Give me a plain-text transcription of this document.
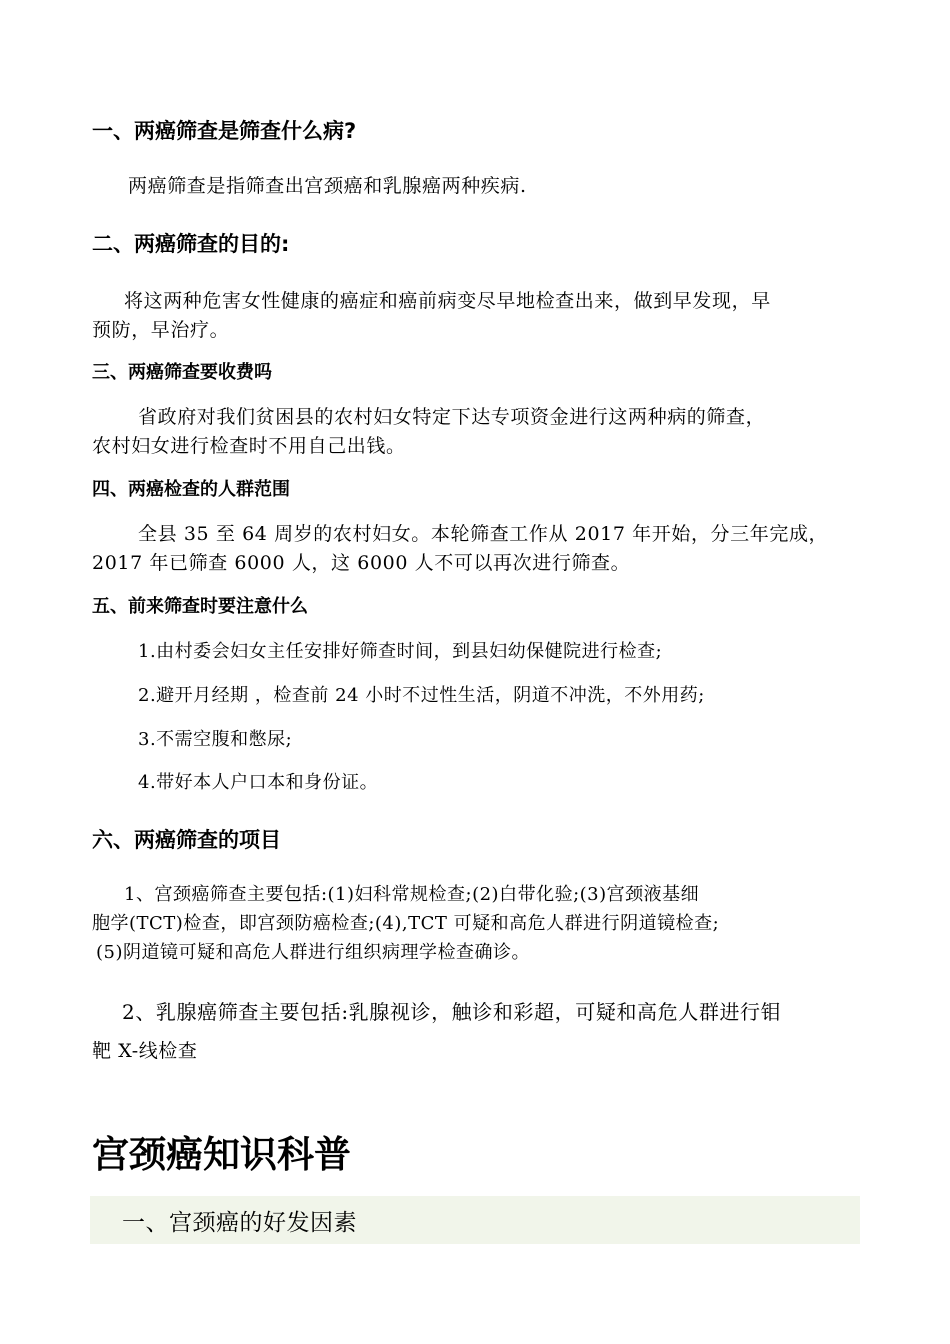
一、两癌筛查是筛查什么病?
两癌筛查是指筛查出宫颈癌和乳腺癌两种疾病.
二、两癌筛查的目的:
将这两种危害女性健康的癌症和癌前病变尽早地检查出来，做到早发现，早
预防，早治疗。
三、两癌筛查要收费吗
省政府对我们贫困县的农村妇女特定下达专项资金进行这两种病的筛查，
农村妇女进行检查时不用自己出钱。
四、两癌检查的人群范围
全县 35 至 64 周岁的农村妇女。本轮筛查工作从 2017 年开始，分三年完成，
2017 年已筛查 6000 人，这 6000 人不可以再次进行筛查。
五、前来筛查时要注意什么
1.由村委会妇女主任安排好筛查时间，到县妇幼保健院进行检查;
2.避开月经期 ，检查前 24 小时不过性生活，阴道不冲洗，不外用药;
3.不需空腹和憋尿;
4.带好本人户口本和身份证。
六、两癌筛查的项目
1、宫颈癌筛查主要包括:(1)妇科常规检查;(2)白带化验;(3)宫颈液基细
胞学(TCT)检查，即宫颈防癌检查;(4),TCT 可疑和高危人群进行阴道镜检查;
(5)阴道镜可疑和高危人群进行组织病理学检查确诊。
2、乳腺癌筛查主要包括:乳腺视诊，触诊和彩超，可疑和高危人群进行钼
靶 X-线检查
宫颈癌知识科普
一、宫颈癌的好发因素
